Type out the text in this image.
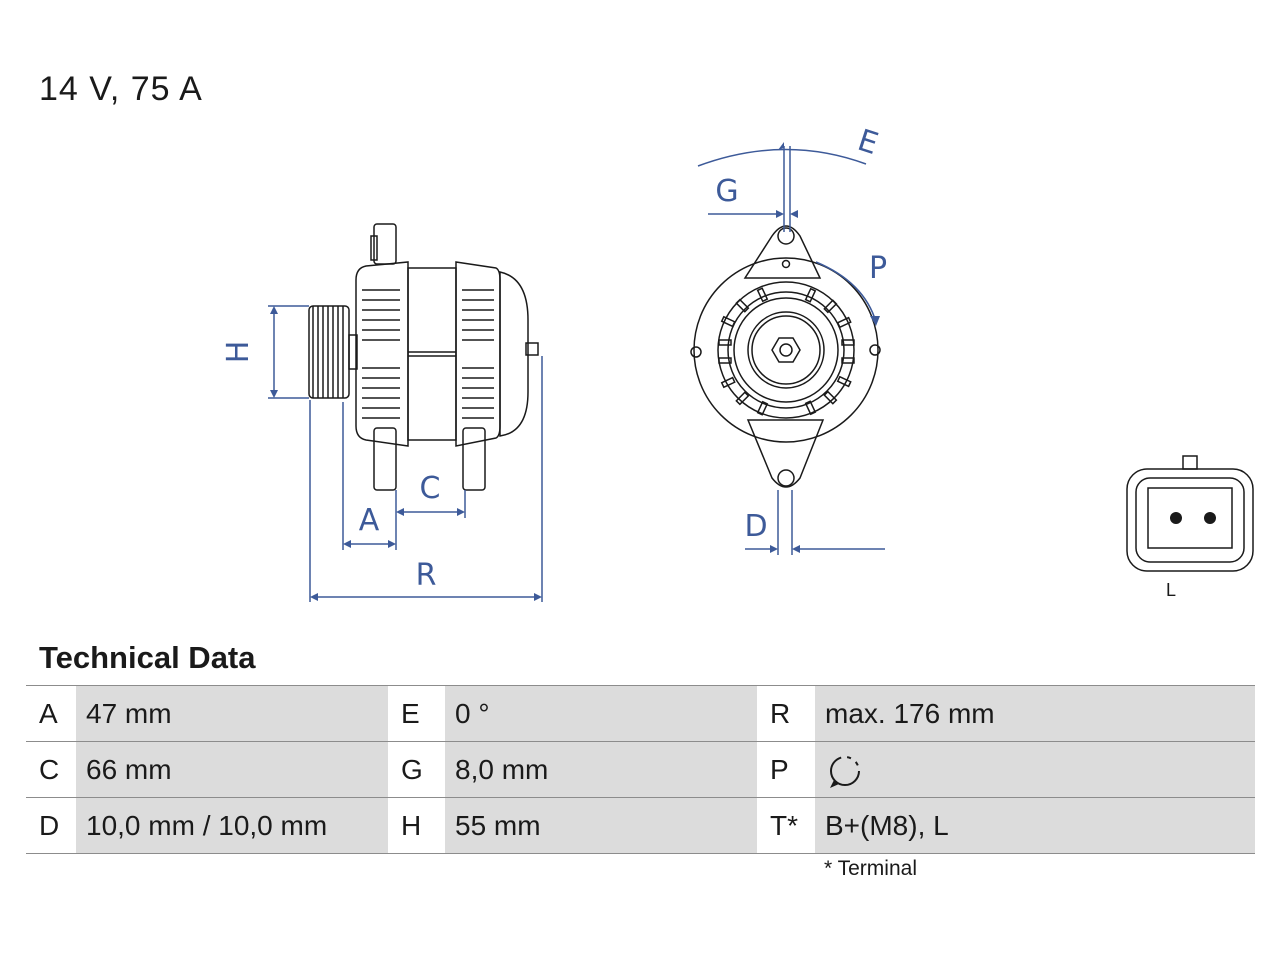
14 V, 75 A
H
A
C
R
G
E
P
D
L
Technical Data
A	47 mm	E	0 °	R	max. 176 mm
C	66 mm	G	8,0 mm	P	
D	10,0 mm / 10,0 mm	H	55 mm	T*	B+(M8), L
* Terminal
